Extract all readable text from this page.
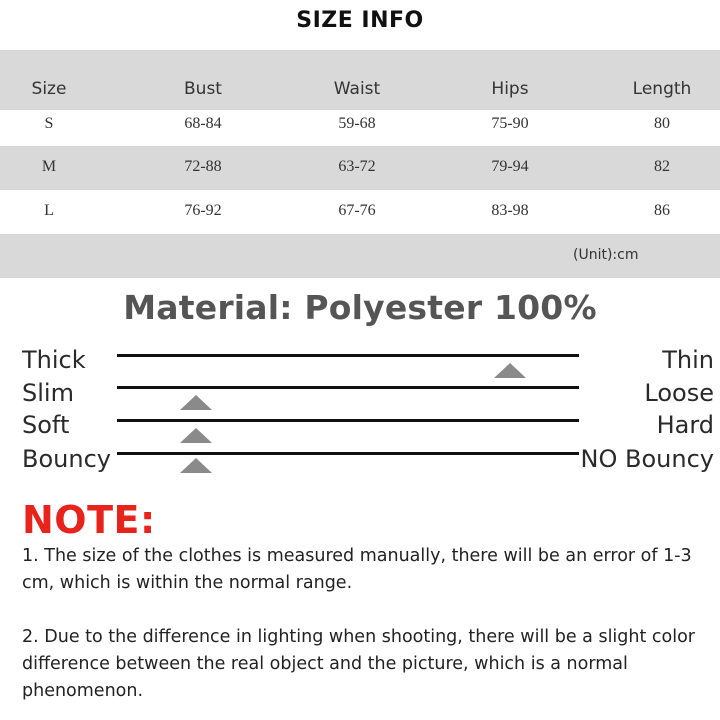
SIZE INFO
Size	Bust	Waist	Hips	Length
S	68-84	59-68	75-90	80
M	72-88	63-72	79-94	82
L	76-92	67-76	83-98	86
(Unit):cm
Material: Polyester 100%
Thick	Thin
Slim	Loose
Soft	Hard
Bouncy	NO Bouncy
NOTE:
1. The size of the clothes is measured manually, there will be an error of 1-3 cm, which is within the normal range.
2. Due to the difference in lighting when shooting, there will be a slight color difference between the real object and the picture, which is a normal phenomenon.
